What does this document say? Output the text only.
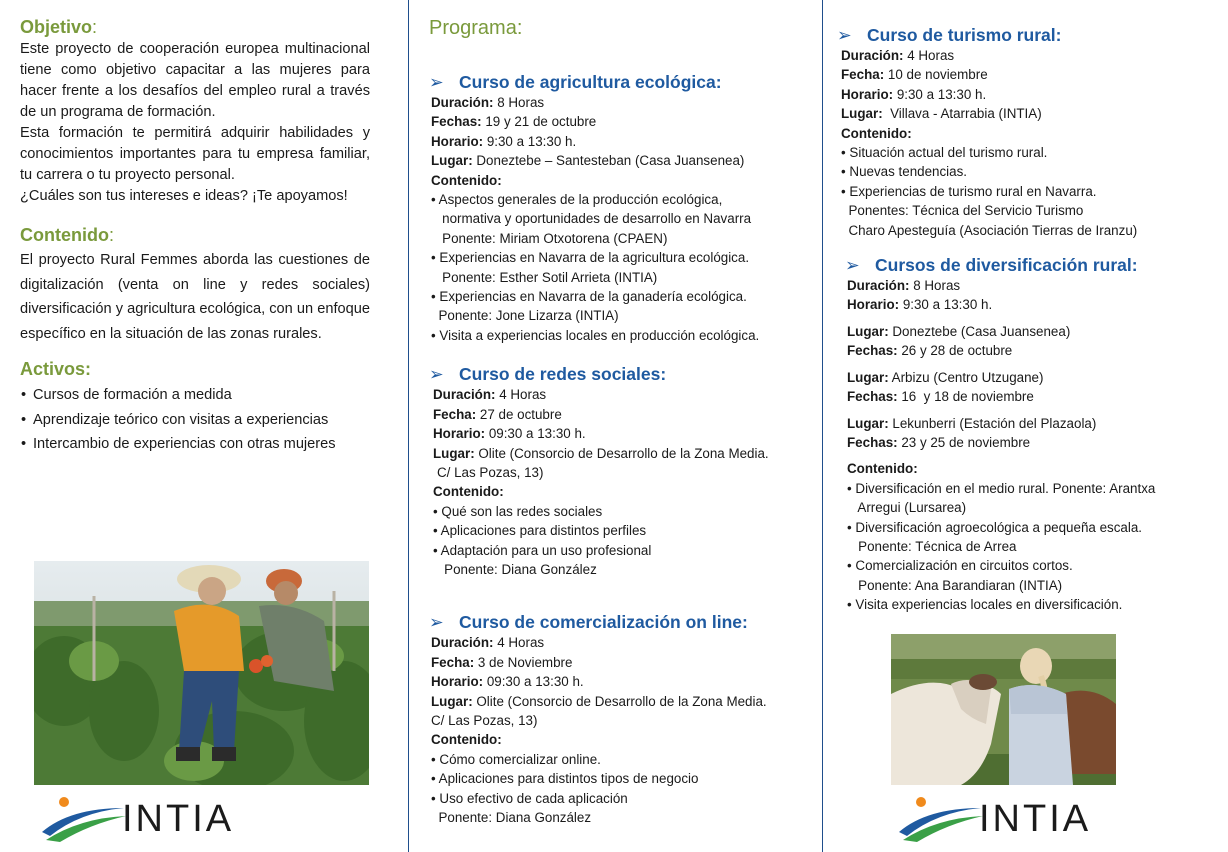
Objetivo:

Este proyecto de cooperación europea multinacional tiene como objetivo capacitar a las mujeres para hacer frente a los desafíos del empleo rural a través de un programa de formación.

Esta formación te permitirá adquirir habilidades y conocimientos importantes para tu empresa familiar, tu carrera o tu proyecto personal.

¿Cuáles son tus intereses e ideas? ¡Te apoyamos!

Contenido:

El proyecto Rural Femmes aborda las cuestiones de digitalización (venta on line y redes sociales) diversificación y agricultura ecológica, con un enfoque específico en la situación de las zonas rurales.

Activos:
• Cursos de formación a medida
• Aprendizaje teórico con visitas a experiencias
• Intercambio de experiencias con otras mujeres
INTIA
Programa:
➢ Curso de agricultura ecológica:
Duración: 8 Horas
Fechas: 19 y 21 de octubre
Horario: 9:30 a 13:30 h.
Lugar: Doneztebe – Santesteban (Casa Juansenea)
Contenido:
• Aspectos generales de la producción ecológica,
normativa y oportunidades de desarrollo en Navarra
Ponente: Miriam Otxotorena (CPAEN)
• Experiencias en Navarra de la agricultura ecológica.
Ponente: Esther Sotil Arrieta (INTIA)
• Experiencias en Navarra de la ganadería ecológica.
Ponente: Jone Lizarza (INTIA)
• Visita a experiencias locales en producción ecológica.
➢ Curso de redes sociales:
Duración: 4 Horas
Fecha: 27 de octubre
Horario: 09:30 a 13:30 h.
Lugar: Olite (Consorcio de Desarrollo de la Zona Media.
C/ Las Pozas, 13)
Contenido:
• Qué son las redes sociales
• Aplicaciones para distintos perfiles
• Adaptación para un uso profesional
Ponente: Diana González
➢ Curso de comercialización on line:
Duración: 4 Horas
Fecha: 3 de Noviembre
Horario: 09:30 a 13:30 h.
Lugar: Olite (Consorcio de Desarrollo de la Zona Media.
C/ Las Pozas, 13)
Contenido:
• Cómo comercializar online.
• Aplicaciones para distintos tipos de negocio
• Uso efectivo de cada aplicación
Ponente: Diana González
➢ Curso de turismo rural:
Duración: 4 Horas
Fecha: 10 de noviembre
Horario: 9:30 a 13:30 h.
Lugar:  Villava - Atarrabia (INTIA)
Contenido:
• Situación actual del turismo rural.
• Nuevas tendencias.
• Experiencias de turismo rural en Navarra.
Ponentes: Técnica del Servicio Turismo
Charo Apesteguía (Asociación Tierras de Iranzu)
➢ Cursos de diversificación rural:
Duración: 8 Horas
Horario: 9:30 a 13:30 h.
Lugar: Doneztebe (Casa Juansenea)
Fechas: 26 y 28 de octubre
Lugar: Arbizu (Centro Utzugane)
Fechas: 16  y 18 de noviembre
Lugar: Lekunberri (Estación del Plazaola)
Fechas: 23 y 25 de noviembre
Contenido:
• Diversificación en el medio rural. Ponente: Arantxa
Arregui (Lursarea)
• Diversificación agroecológica a pequeña escala.
Ponente: Técnica de Arrea
• Comercialización en circuitos cortos.
Ponente: Ana Barandiaran (INTIA)
• Visita experiencias locales en diversificación.
INTIA
